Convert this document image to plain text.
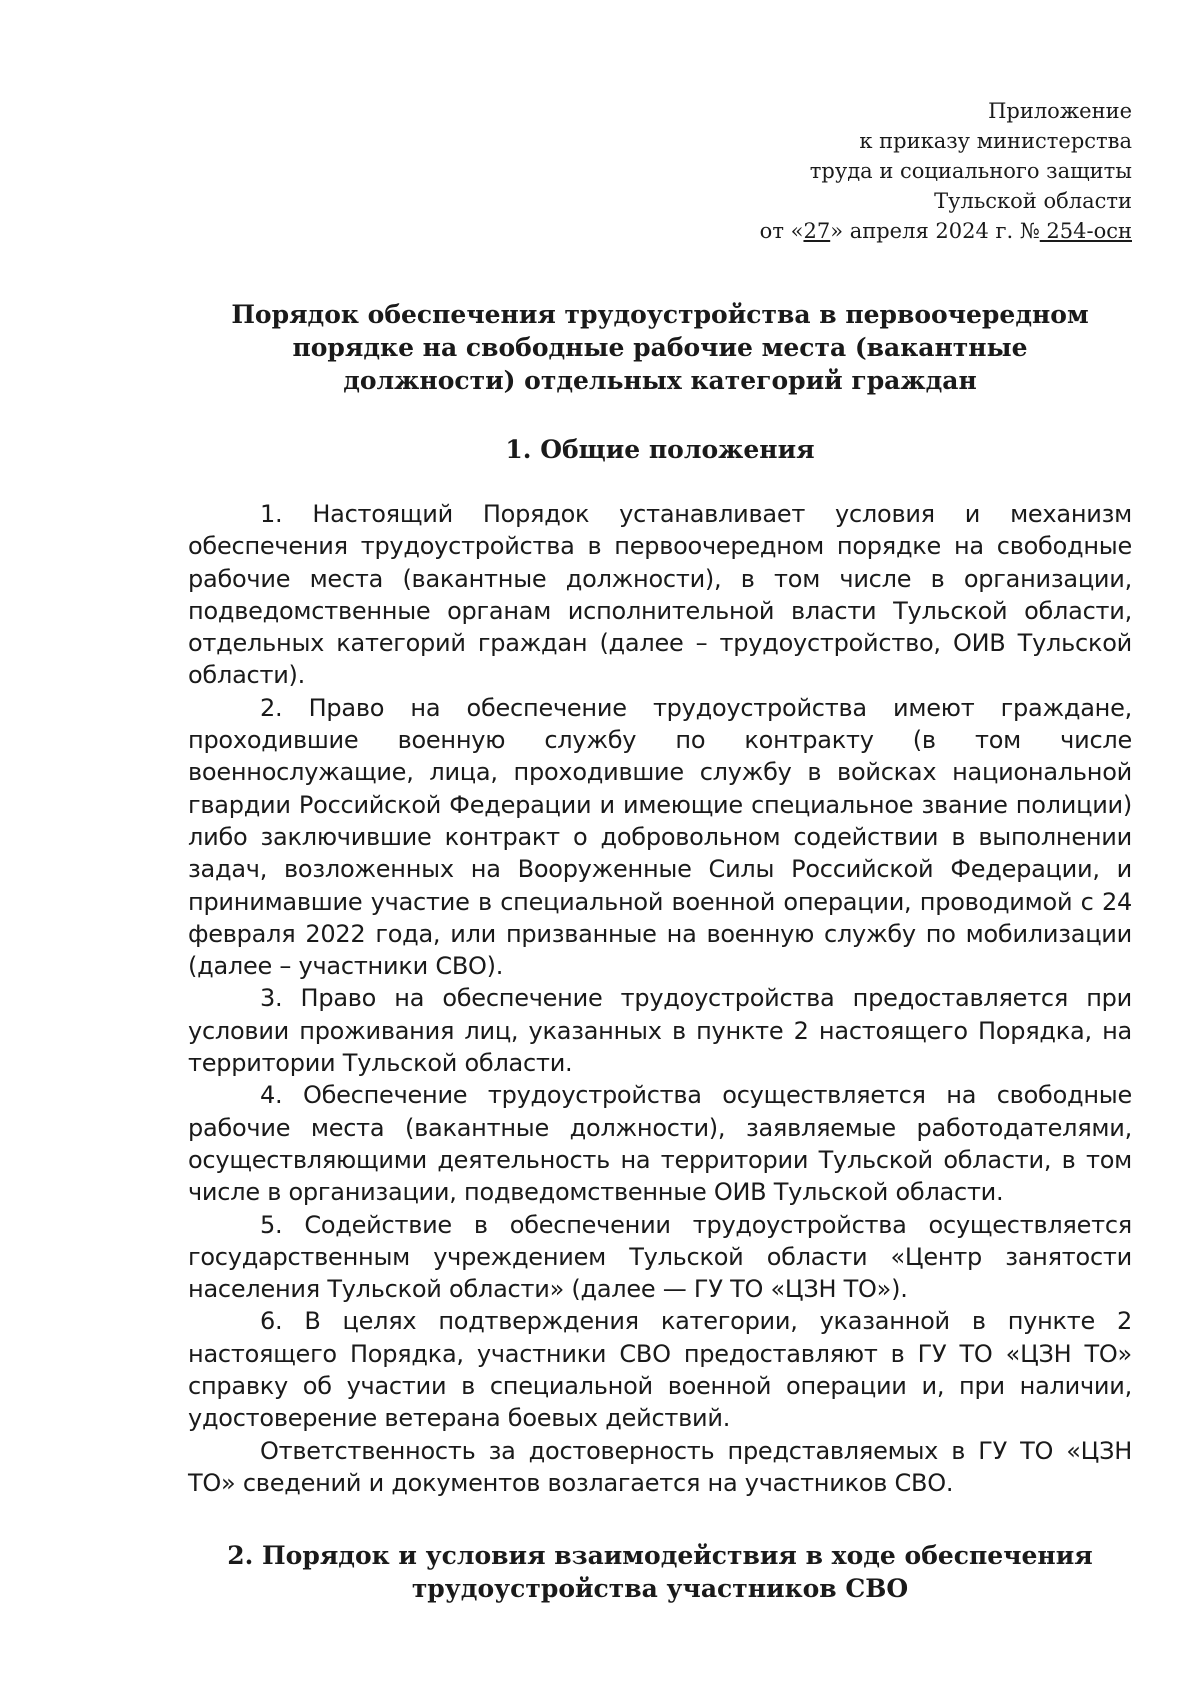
Приложение
к приказу министерства
труда и социального защиты
Тульской области
от «27» апреля 2024 г. № 254-осн
Порядок обеспечения трудоустройства в первоочередном порядке на свободные рабочие места (вакантные должности) отдельных категорий граждан
1. Общие положения

1. Настоящий Порядок устанавливает условия и механизм обеспечения трудоустройства в первоочередном порядке на свободные рабочие места (вакантные должности), в том числе в организации, подведомственные органам исполнительной власти Тульской области, отдельных категорий граждан (далее – трудоустройство, ОИВ Тульской области).

2. Право на обеспечение трудоустройства имеют граждане, проходившие военную службу по контракту (в том числе военнослужащие, лица, проходившие службу в войсках национальной гвардии Российской Федерации и имеющие специальное звание полиции) либо заключившие контракт о добровольном содействии в выполнении задач, возложенных на Вооруженные Силы Российской Федерации, и принимавшие участие в специальной военной операции, проводимой с 24 февраля 2022 года, или призванные на военную службу по мобилизации (далее – участники СВО).

3. Право на обеспечение трудоустройства предоставляется при условии проживания лиц, указанных в пункте 2 настоящего Порядка, на территории Тульской области.

4. Обеспечение трудоустройства осуществляется на свободные рабочие места (вакантные должности), заявляемые работодателями, осуществляющими деятельность на территории Тульской области, в том числе в организации, подведомственные ОИВ Тульской области.

5. Содействие в обеспечении трудоустройства осуществляется государственным учреждением Тульской области «Центр занятости населения Тульской области» (далее — ГУ ТО «ЦЗН ТО»).

6. В целях подтверждения категории, указанной в пункте 2 настоящего Порядка, участники СВО предоставляют в ГУ ТО «ЦЗН ТО» справку об участии в специальной военной операции и, при наличии, удостоверение ветерана боевых действий.

Ответственность за достоверность представляемых в ГУ ТО «ЦЗН ТО» сведений и документов возлагается на участников СВО.

2. Порядок и условия взаимодействия в ходе обеспечения трудоустройства участников СВО
